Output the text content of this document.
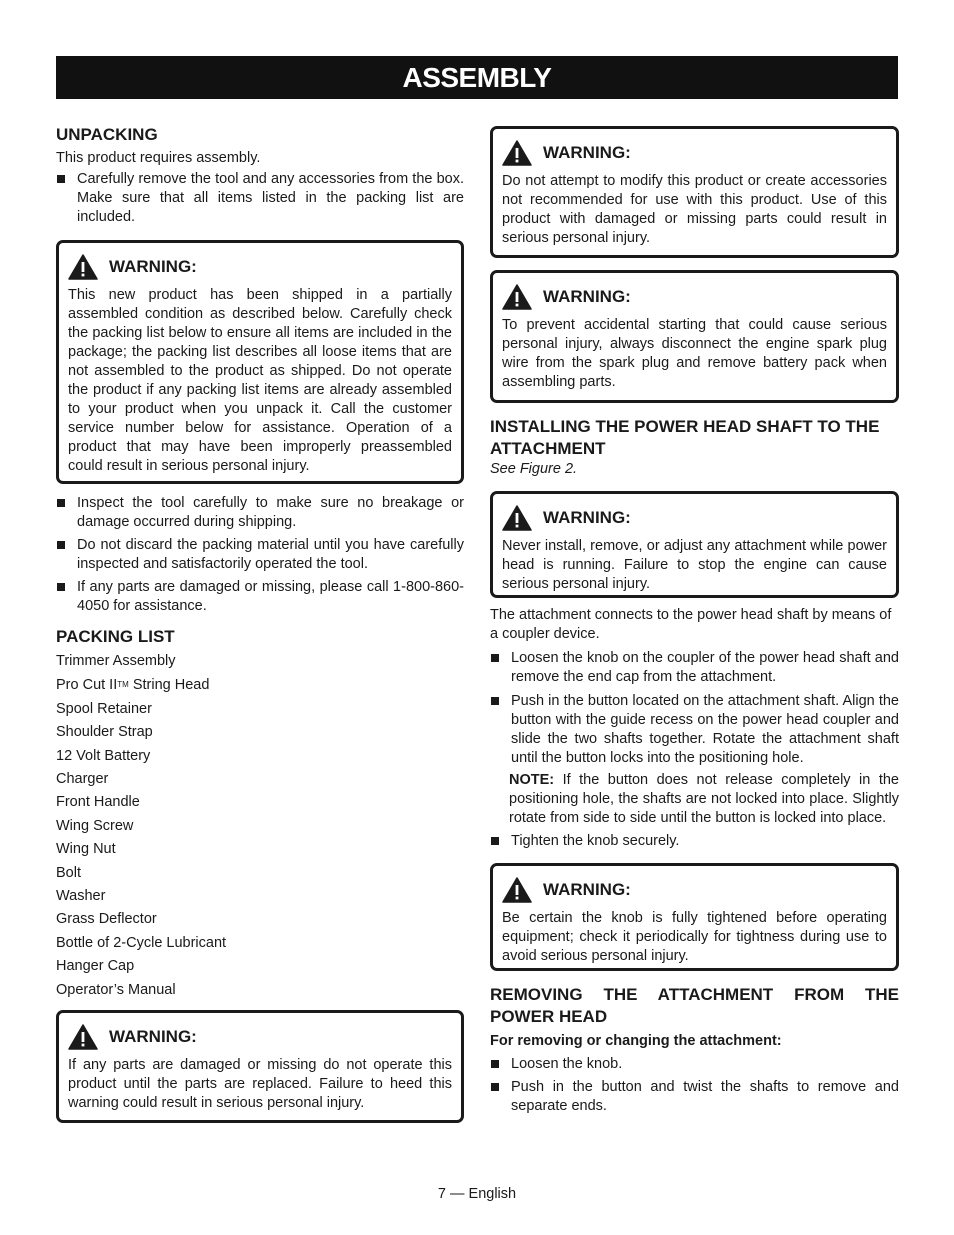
ASSEMBLY
UNPACKING

This product requires assembly.

Carefully remove the tool and any accessories from the box. Make sure that all items listed in the packing list are included.
WARNING:

This new product has been shipped in a partially assembled condition as described below. Carefully check the packing list below to ensure all items are included in the package; the packing list describes all loose items that are not assembled to the product as shipped. Do not operate the product if any packing list items are already assembled to your product when you unpack it. Call the customer service number below for assistance. Operation of a product that may have been improperly preassembled could result in serious personal injury.

Inspect the tool carefully to make sure no breakage or damage occurred during shipping.
Do not discard the packing material until you have carefully inspected and satisfactorily operated the tool.
If any parts are damaged or missing, please call 1-800-860-4050 for assistance.
PACKING LIST

Trimmer Assembly

Pro Cut II™ String Head

Spool Retainer

Shoulder Strap

12 Volt Battery

Charger

Front Handle

Wing Screw

Wing Nut

Bolt

Washer

Grass Deflector

Bottle of 2-Cycle Lubricant

Hanger Cap

Operator’s Manual

WARNING:

If any parts are damaged or missing do not operate this product until the parts are replaced. Failure to heed this warning could result in serious personal injury.

WARNING:

Do not attempt to modify this product or create accessories not recommended for use with this product. Use of this product with damaged or missing parts could result in serious personal injury.

WARNING:

To prevent accidental starting that could cause serious personal injury, always disconnect the engine spark plug wire from the spark plug and remove battery pack when assembling parts.

INSTALLING THE POWER HEAD SHAFT TO THE ATTACHMENT

See Figure 2.

WARNING:

Never install, remove, or adjust any attachment while power head is running. Failure to stop the engine can cause serious personal injury.

The attachment connects to the power head shaft by means of a coupler device.

Loosen the knob on the coupler of the power head shaft and remove the end cap from the attachment.
Push in the button located on the attachment shaft. Align the button with the guide recess on the power head coupler and slide the two shafts together. Rotate the attachment shaft until the button locks into the positioning hole.

NOTE: If the button does not release completely in the positioning hole, the shafts are not locked into place. Slightly rotate from side to side until the button is locked into place.

Tighten the knob securely.
WARNING:

Be certain the knob is fully tightened before operating equipment; check it periodically for tightness during use to avoid serious personal injury.

REMOVING THE ATTACHMENT FROM THE POWER HEAD

For removing or changing the attachment:

Loosen the knob.
Push in the button and twist the shafts to remove and separate ends.
7 — English
